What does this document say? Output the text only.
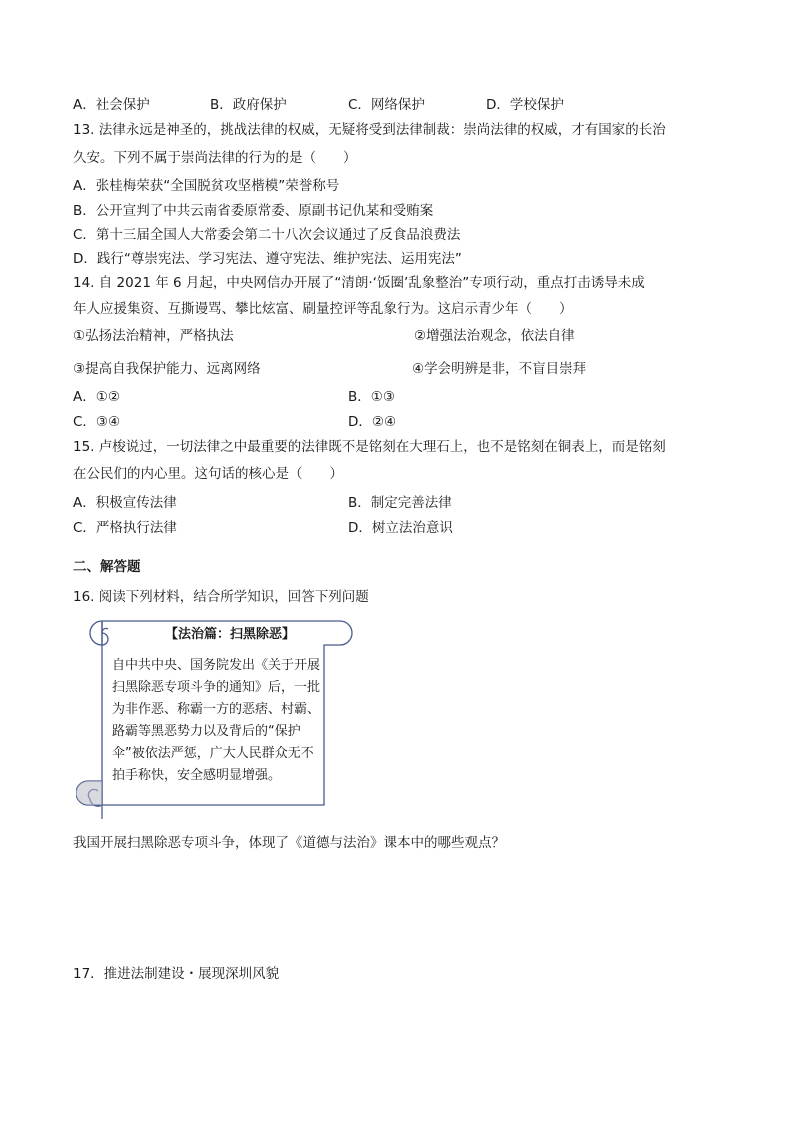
A．社会保护	B．政府保护	C．网络保护	D．学校保护
13. 法律永远是神圣的，挑战法律的权威，无疑将受到法律制裁：崇尚法律的权威，才有国家的长治
久安。下列不属于崇尚法律的行为的是（　　）
A．张桂梅荣获“全国脱贫攻坚楷模”荣誉称号
B．公开宣判了中共云南省委原常委、原副书记仇某和受贿案
C．第十三届全国人大常委会第二十八次会议通过了反食品浪费法
D．践行“尊崇宪法、学习宪法、遵守宪法、维护宪法、运用宪法”
14. 自 2021 年 6 月起，中央网信办开展了“清朗·‘饭圈’乱象整治”专项行动，重点打击诱导未成
年人应援集资、互撕谩骂、攀比炫富、刷量控评等乱象行为。这启示青少年（　　）
①弘扬法治精神，严格执法	②增强法治观念，依法自律
③提高自我保护能力、远离网络	④学会明辨是非，不盲目崇拜
A．①②	B．①③
C．③④	D．②④
15. 卢梭说过，一切法律之中最重要的法律既不是铭刻在大理石上，也不是铭刻在铜表上，而是铭刻
在公民们的内心里。这句话的核心是（　　）
A．积极宣传法律	B．制定完善法律
C．严格执行法律	D．树立法治意识
二、解答题
16. 阅读下列材料，结合所学知识，回答下列问题
【法治篇：扫黑除恶】
自中共中央、国务院发出《关于开展扫黑除恶专项斗争的通知》后，一批为非作恶、称霸一方的恶痞、村霸、路霸等黑恶势力以及背后的“保护伞”被依法严惩，广大人民群众无不拍手称快，安全感明显增强。
我国开展扫黑除恶专项斗争，体现了《道德与法治》课本中的哪些观点？
17．推进法制建设・展现深圳风貌
